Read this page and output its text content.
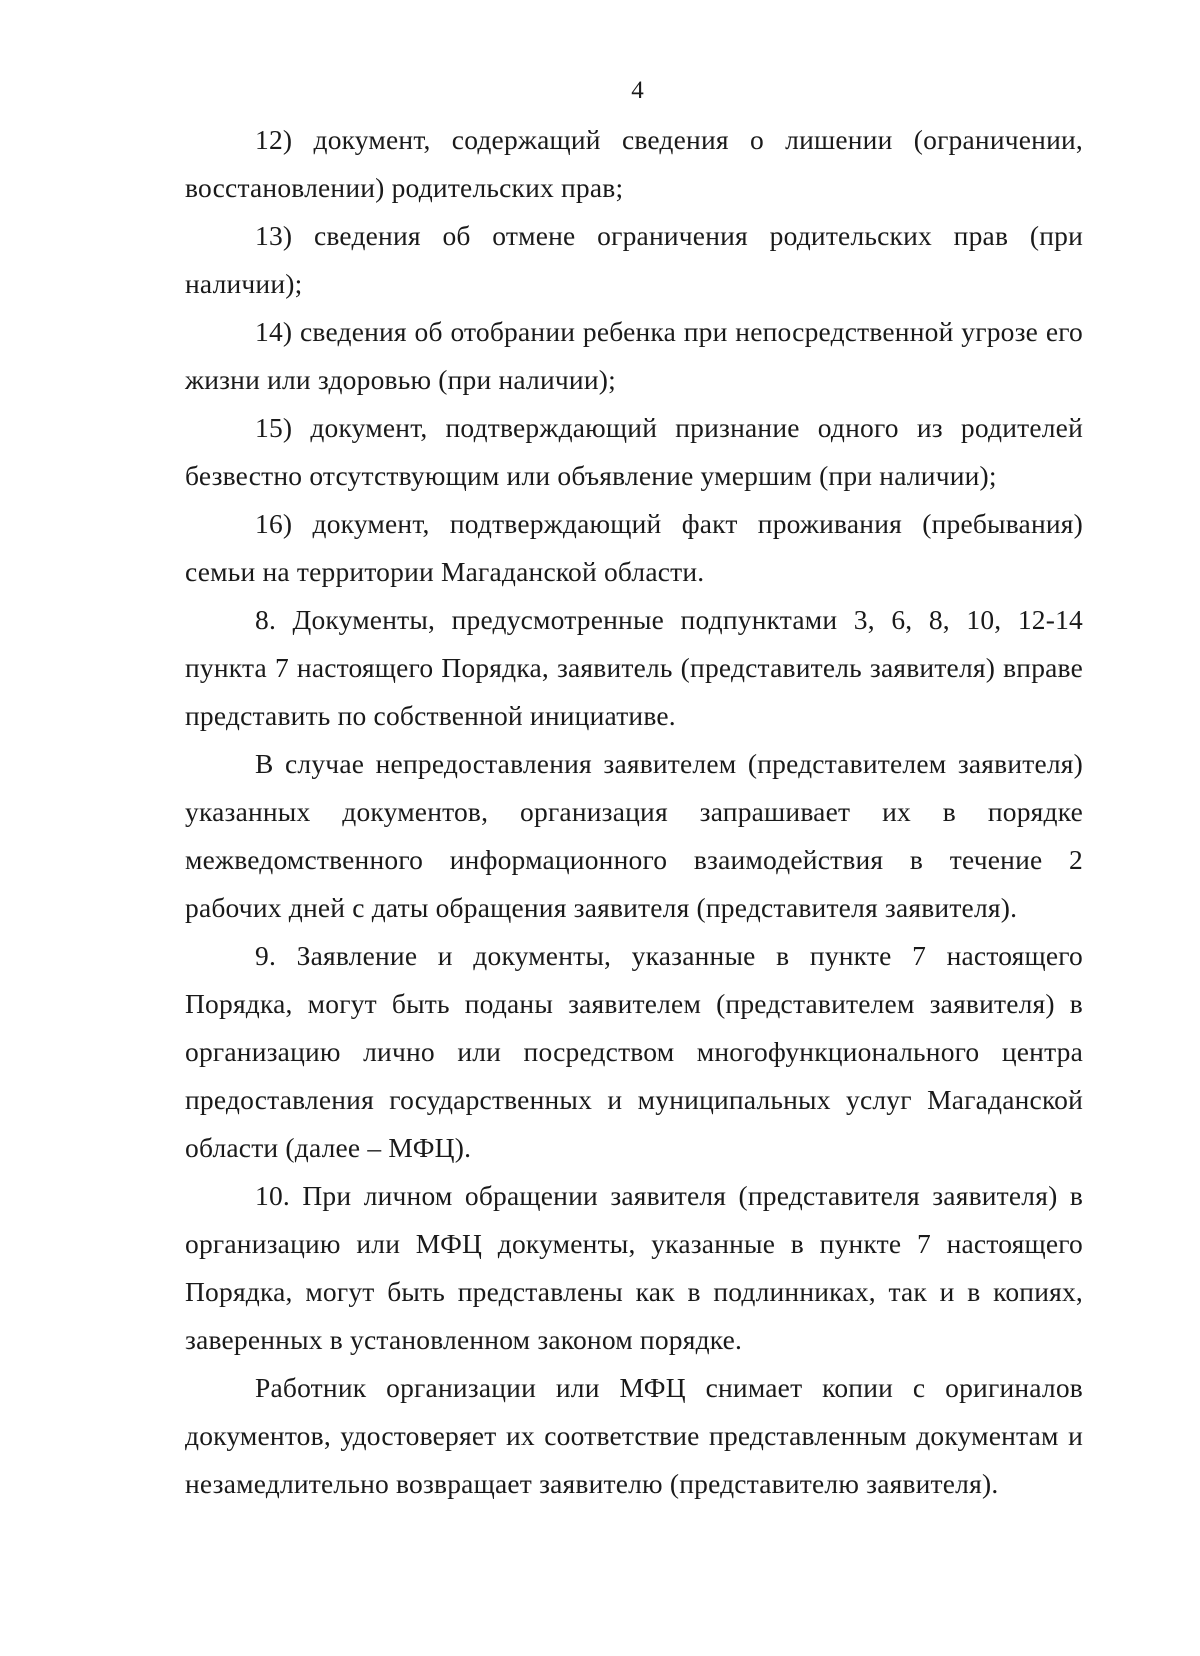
4

12) документ, содержащий сведения о лишении (ограничении, восстановлении) родительских прав;

13) сведения об отмене ограничения родительских прав (при наличии);

14) сведения об отобрании ребенка при непосредственной угрозе его жизни или здоровью (при наличии);

15) документ, подтверждающий признание одного из родителей безвестно отсутствующим или объявление умершим (при наличии);

16) документ, подтверждающий факт проживания (пребывания) семьи на территории Магаданской области.

8. Документы, предусмотренные подпунктами 3, 6, 8, 10, 12-14 пункта 7 настоящего Порядка, заявитель (представитель заявителя) вправе представить по собственной инициативе.

В случае непредоставления заявителем (представителем заявителя) указанных документов, организация запрашивает их в порядке межведомственного информационного взаимодействия в течение 2 рабочих дней с даты обращения заявителя (представителя заявителя).

9. Заявление и документы, указанные в пункте 7 настоящего Порядка, могут быть поданы заявителем (представителем заявителя) в организацию лично или посредством многофункционального центра предоставления государственных и муниципальных услуг Магаданской области (далее – МФЦ).

10. При личном обращении заявителя (представителя заявителя) в организацию или МФЦ документы, указанные в пункте 7 настоящего Порядка, могут быть представлены как в подлинниках, так и в копиях, заверенных в установленном законом порядке.

Работник организации или МФЦ снимает копии с оригиналов документов, удостоверяет их соответствие представленным документам и незамедлительно возвращает заявителю (представителю заявителя).
